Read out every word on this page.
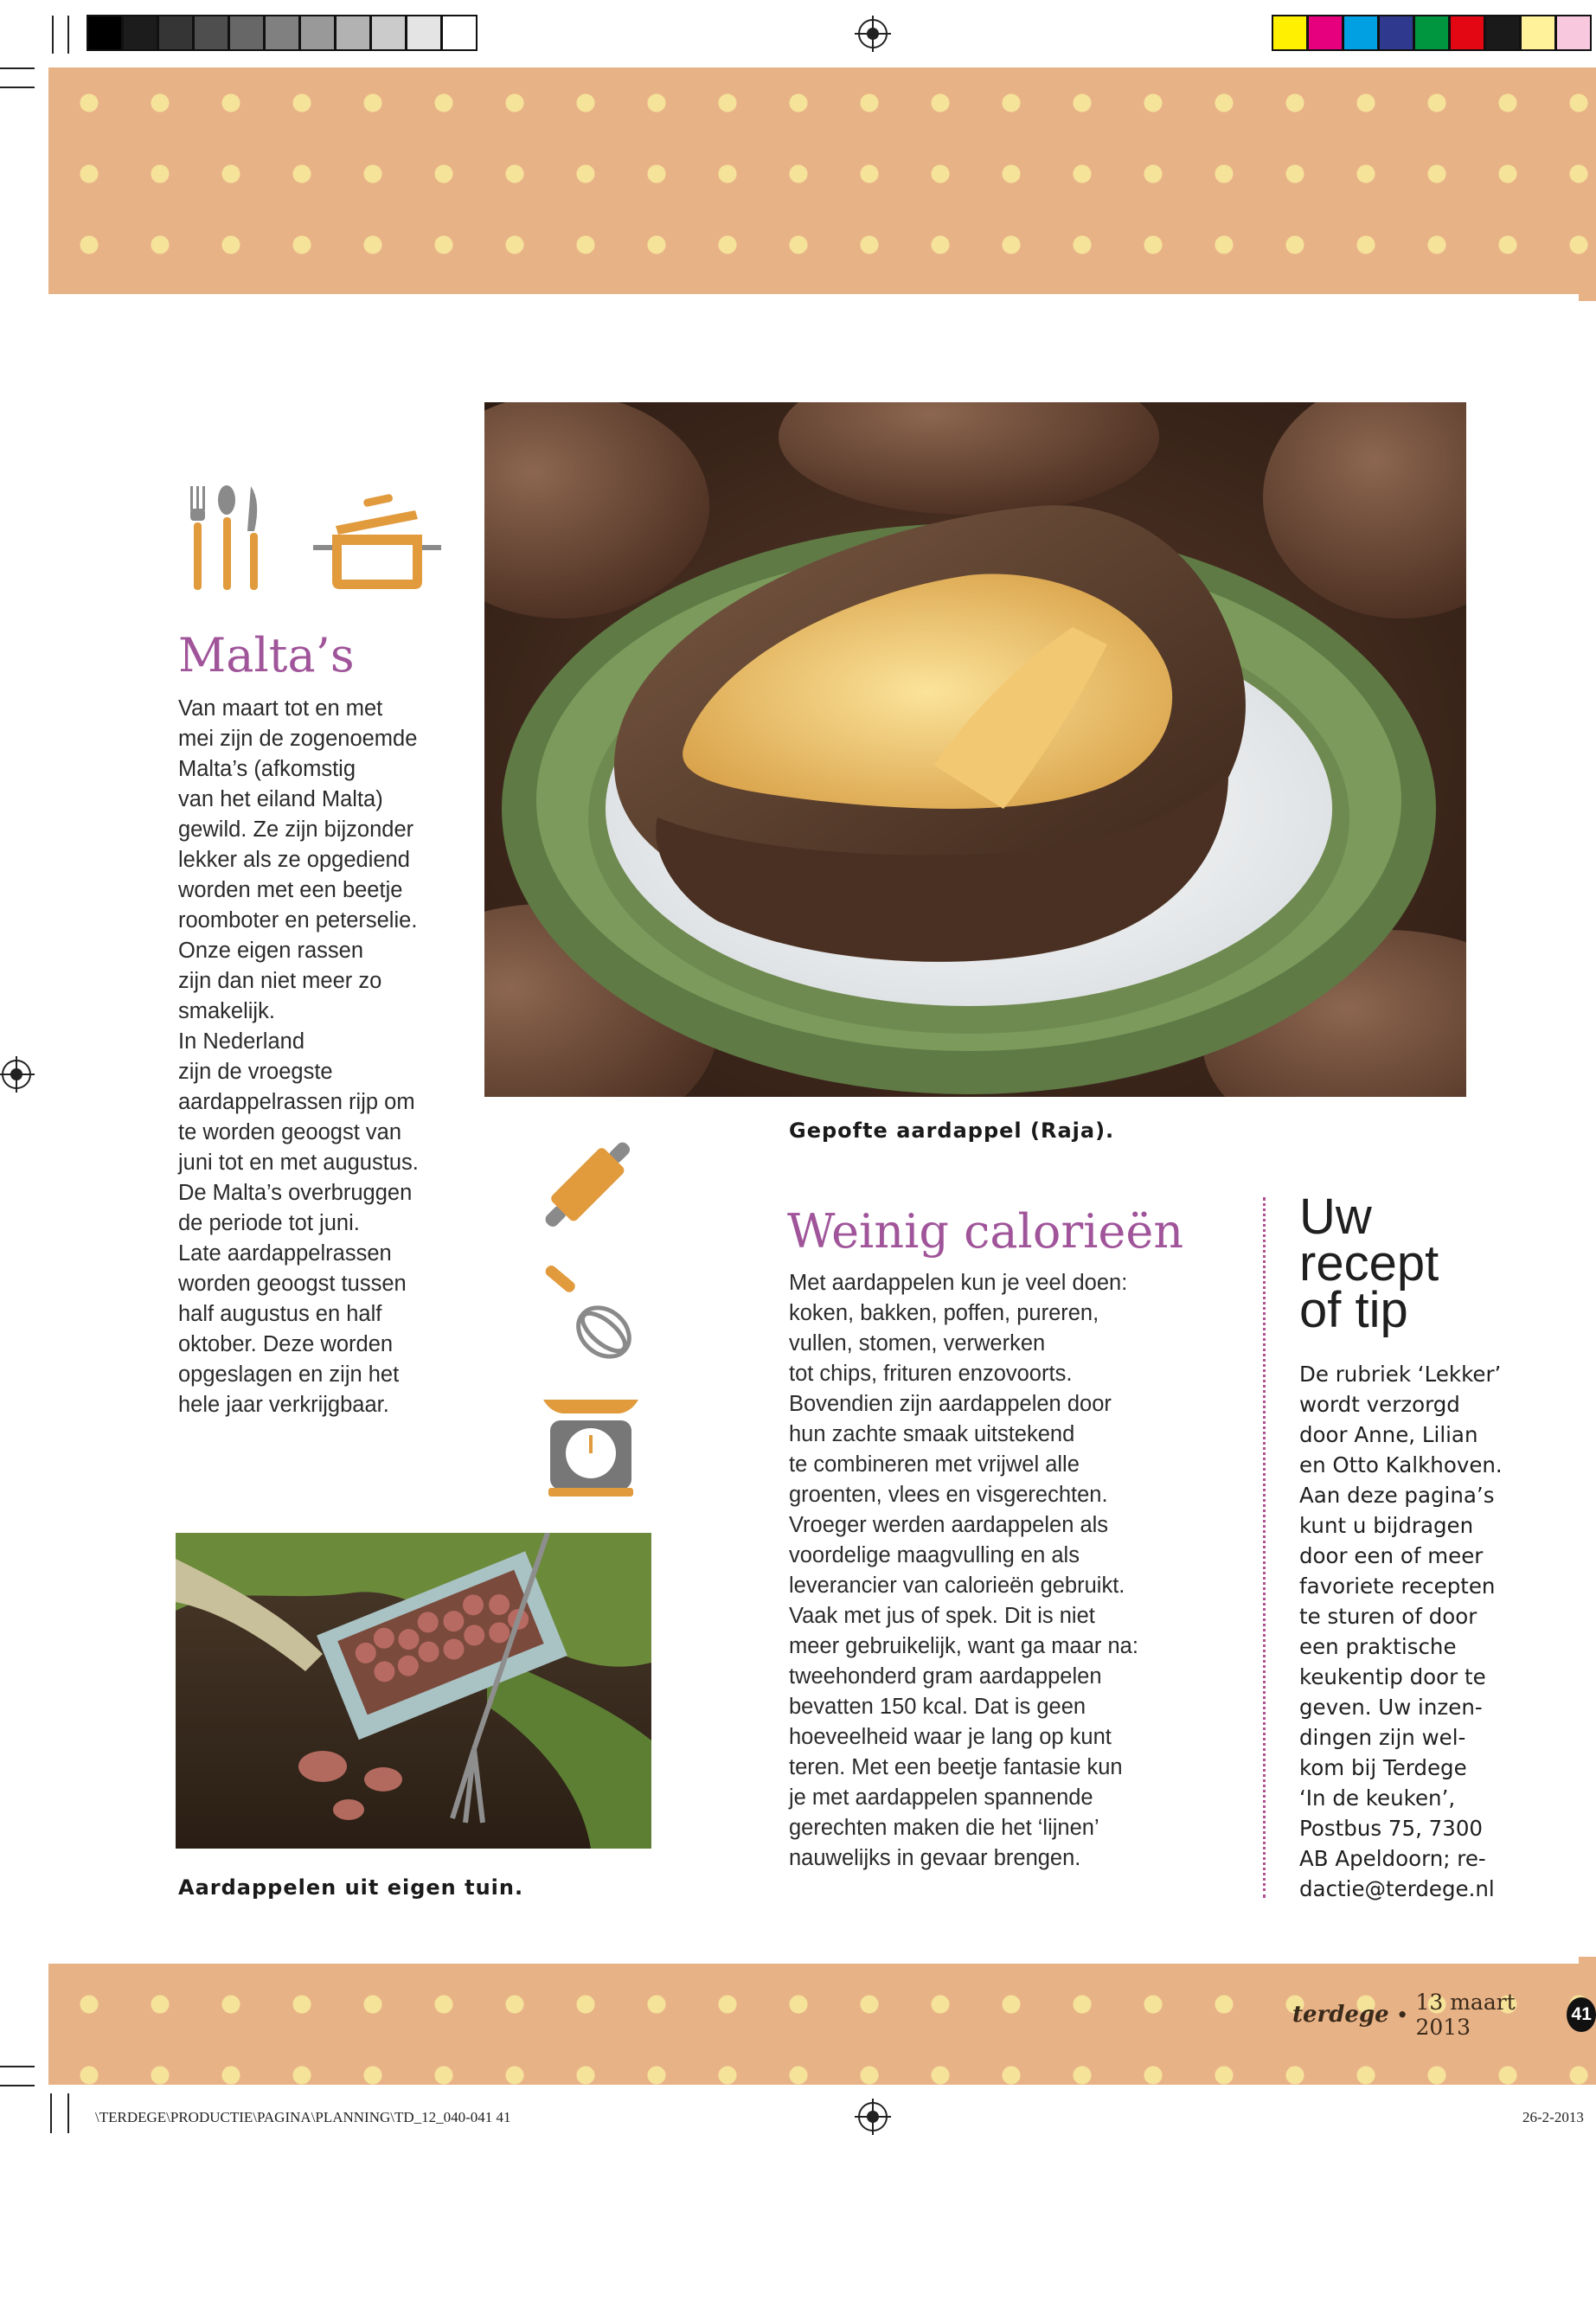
Malta’s
Van maart tot en met
mei zijn de zogenoemde
Malta’s (afkomstig
van het eiland Malta)
gewild. Ze zijn bijzonder
lekker als ze opgediend
worden met een beetje
roomboter en peterselie.
Onze eigen rassen
zijn dan niet meer zo
smakelijk.
In Nederland
zijn de vroegste
aardappelrassen rijp om
te worden geoogst van
juni tot en met augustus.
De Malta’s overbruggen
de periode tot juni.
Late aardappelrassen
worden geoogst tussen
half augustus en half
oktober. Deze worden
opgeslagen en zijn het
hele jaar verkrijgbaar.
Gepofte aardappel (Raja).
Aardappelen uit eigen tuin.
Weinig calorieën
Met aardappelen kun je veel doen:
koken, bakken, poffen, pureren,
vullen, stomen, verwerken
tot chips, frituren enzovoorts.
Bovendien zijn aardappelen door
hun zachte smaak uitstekend
te combineren met vrijwel alle
groenten, vlees en visgerechten.
Vroeger werden aardappelen als
voordelige maagvulling en als
leverancier van calorieën gebruikt.
Vaak met jus of spek. Dit is niet
meer gebruikelijk, want ga maar na:
tweehonderd gram aardappelen
bevatten 150 kcal. Dat is geen
hoeveelheid waar je lang op kunt
teren. Met een beetje fantasie kun
je met aardappelen spannende
gerechten maken die het ‘lijnen’
nauwelijks in gevaar brengen.
Uw
recept
of tip
De rubriek ‘Lekker’
wordt verzorgd
door Anne, Lilian
en Otto Kalkhoven.
Aan deze pagina’s
kunt u bijdragen
door een of meer
favoriete recepten
te sturen of door
een praktische
keukentip door te
geven. Uw inzen-
dingen zijn wel-
kom bij Terdege
‘In de keuken’,
Postbus 75, 7300
AB Apeldoorn; re-
dactie@terdege.nl
terdege • 13 maart 2013
41
\TERDEGE\PRODUCTIE\PAGINA\PLANNING\TD_12_040-041 41	26-2-2013
